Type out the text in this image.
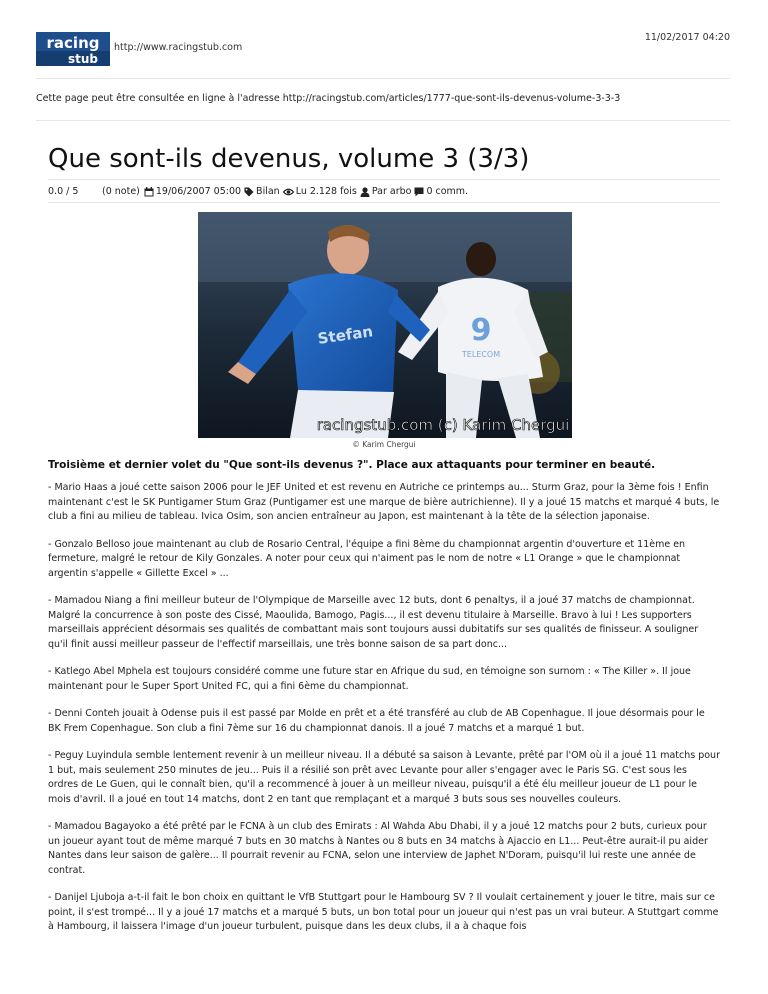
racing
stub
http://www.racingstub.com
11/02/2017 04:20
Cette page peut être consultée en ligne à l'adresse http://racingstub.com/articles/1777-que-sont-ils-devenus-volume-3-3-3
Que sont-ils devenus, volume 3 (3/3)
0.0 / 5	(0 note) 19/06/2007 05:00 Bilan Lu 2.128 fois Par arbo 0 comm.
9
TELECOM
Stefan
racingstub.com (c) Karim Chergui
© Karim Chergui

Troisième et dernier volet du "Que sont-ils devenus ?". Place aux attaquants pour terminer en beauté.

- Mario Haas a joué cette saison 2006 pour le JEF United et est revenu en Autriche ce printemps au... Sturm Graz, pour la 3ème fois ! Enfin maintenant c'est le SK Puntigamer Stum Graz (Puntigamer est une marque de bière autrichienne). Il y a joué 15 matchs et marqué 4 buts, le club a fini au milieu de tableau. Ivica Osim, son ancien entraîneur au Japon, est maintenant à la tête de la sélection japonaise.

- Gonzalo Belloso joue maintenant au club de Rosario Central, l'équipe a fini 8ème du championnat argentin d'ouverture et 11ème en fermeture, malgré le retour de Kily Gonzales. A noter pour ceux qui n'aiment pas le nom de notre « L1 Orange » que le championnat argentin s'appelle « Gillette Excel » ...

- Mamadou Niang a fini meilleur buteur de l'Olympique de Marseille avec 12 buts, dont 6 penaltys, il a joué 37 matchs de championnat. Malgré la concurrence à son poste des Cissé, Maoulida, Bamogo, Pagis..., il est devenu titulaire à Marseille. Bravo à lui ! Les supporters marseillais apprécient désormais ses qualités de combattant mais sont toujours aussi dubitatifs sur ses qualités de finisseur. A souligner qu'il finit aussi meilleur passeur de l'effectif marseillais, une très bonne saison de sa part donc...

- Katlego Abel Mphela est toujours considéré comme une future star en Afrique du sud, en témoigne son surnom : « The Killer ». Il joue maintenant pour le Super Sport United FC, qui a fini 6ème du championnat.

- Denni Conteh jouait à Odense puis il est passé par Molde en prêt et a été transféré au club de AB Copenhague. Il joue désormais pour le BK Frem Copenhague. Son club a fini 7ème sur 16 du championnat danois. Il a joué 7 matchs et a marqué 1 but.

- Peguy Luyindula semble lentement revenir à un meilleur niveau. Il a débuté sa saison à Levante, prêté par l'OM où il a joué 11 matchs pour 1 but, mais seulement 250 minutes de jeu... Puis il a résilié son prêt avec Levante pour aller s'engager avec le Paris SG. C'est sous les ordres de Le Guen, qui le connaît bien, qu'il a recommencé à jouer à un meilleur niveau, puisqu'il a été élu meilleur joueur de L1 pour le mois d'avril. Il a joué en tout 14 matchs, dont 2 en tant que remplaçant et a marqué 3 buts sous ses nouvelles couleurs.

- Mamadou Bagayoko a été prêté par le FCNA à un club des Emirats : Al Wahda Abu Dhabi, il y a joué 12 matchs pour 2 buts, curieux pour un joueur ayant tout de même marqué 7 buts en 30 matchs à Nantes ou 8 buts en 34 matchs à Ajaccio en L1... Peut-être aurait-il pu aider Nantes dans leur saison de galère... Il pourrait revenir au FCNA, selon une interview de Japhet N'Doram, puisqu'il lui reste une année de contrat.

- Danijel Ljuboja a-t-il fait le bon choix en quittant le VfB Stuttgart pour le Hambourg SV ? Il voulait certainement y jouer le titre, mais sur ce point, il s'est trompé... Il y a joué 17 matchs et a marqué 5 buts, un bon total pour un joueur qui n'est pas un vrai buteur. A Stuttgart comme à Hambourg, il laissera l'image d'un joueur turbulent, puisque dans les deux clubs, il a à chaque fois
